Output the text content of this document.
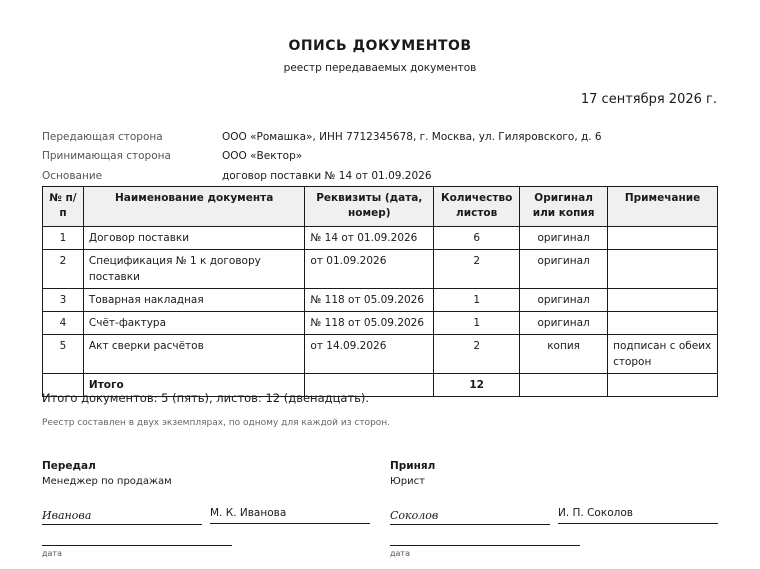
ОПИСЬ ДОКУМЕНТОВ
реестр передаваемых документов
17 сентября 2026 г.
Передающая сторона	ООО «Ромашка», ИНН 7712345678, г. Москва, ул. Гиляровского, д. 6
Принимающая сторона	ООО «Вектор»
Основание	договор поставки № 14 от 01.09.2026
№ п/п	Наименование документа	Реквизиты (дата, номер)	Количество листов	Оригинал или копия	Примечание
1	Договор поставки	№ 14 от 01.09.2026	6	оригинал	
2	Спецификация № 1 к договору поставки	от 01.09.2026	2	оригинал	
3	Товарная накладная	№ 118 от 05.09.2026	1	оригинал	
4	Счёт-фактура	№ 118 от 05.09.2026	1	оригинал	
5	Акт сверки расчётов	от 14.09.2026	2	копия	подписан с обеих сторон
	Итого		12		
Итого документов: 5 (пять), листов: 12 (двенадцать).
Реестр составлен в двух экземплярах, по одному для каждой из сторон.
Передал
Менеджер по продажам
Иванова	М. К. Иванова
дата
Принял
Юрист
Соколов	И. П. Соколов
дата
